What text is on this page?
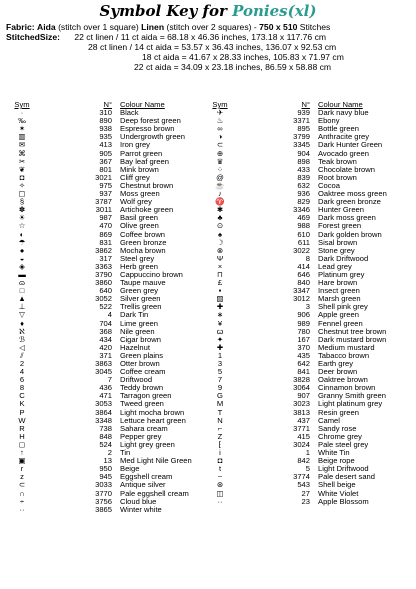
Symbol Key for Ponies(xl)
Fabric: Aida (stitch over 1 square) Linen (stitch over 2 squares) - 750 x 510 Stitches
StitchedSize: 22 ct linen / 11 ct aida = 68.18 x 46.36 inches, 173.18 x 117.76 cm
28 ct linen / 14 ct aida = 53.57 x 36.43 inches, 136.07 x 92.53 cm
18 ct aida = 41.67 x 28.33 inches, 105.83 x 71.97 cm
22 ct aida = 34.09 x 23.18 inches, 86.59 x 58.88 cm
Sym	N° Colour Name
·	310 Black
‰	890 Deep forest green
✶	938 Espresso brown
▥	935 Undergrowth green
✉	413 Iron grey
⌘	905 Parrot green
✂	367 Bay leaf green
❦	801 Mink brown
◘	3021 Cliff grey
✧	975 Chestnut brown
▢	937 Moss green
§	3787 Wolf grey
✽	3011 Artichoke green
☀	987 Basil green
☆	470 Olive green
◐	869 Coffee brown
☂	831 Green bronze
●	3862 Mocha brown
◒	317 Steel grey
◈	3363 Herb green
▬	3790 Cappuccino brown
ɷ	3860 Taupe mauve
□	640 Green grey
▲	3052 Silver green
⊥	522 Trellis green
▽	4 Dark Tin
♦	704 Lime green
ℵ	368 Nile green
ℬ	434 Cigar brown
◁	420 Hazelnut
⫽	371 Green plains
2	3863 Otter brown
4	3045 Coffee cream
6	7 Driftwood
8	436 Teddy brown
C	471 Tarragon green
K	3053 Tweed green
P	3864 Light mocha brown
W	3348 Lettuce heart green
R	738 Sahara cream
H	848 Pepper grey
◻	524 Light grey green
↑	2 Tin
▣	13 Med Light Nile Green
r	950 Beige
z	945 Eggshell cream
⊂	3033 Antique silver
∩	3770 Pale eggshell cream
÷	3756 Cloud blue
··	3865 Winter white
Sym	N° Colour Name
✈	939 Dark navy blue
♨	3371 Ebony
∞	895 Bottle green
◑	3799 Anthracite grey
⊂	3345 Dark Hunter Green
⊕	904 Avocado green
♛	898 Teak brown
⁘	433 Chocolate brown
@	839 Root brown
☕	632 Cocoa
♪	936 Oaktree moss green
♈	829 Dark green bronze
✱	3346 Hunter Green
♣	469 Dark moss green
⊙	988 Forest green
♠	610 Dark golden brown
☽	611 Sisal brown
⊗	3022 Stone grey
Ψ	8 Dark Driftwood
×	414 Lead grey
⊓	646 Platinum grey
£	840 Hare brown
▪	3347 Insect green
▨	3012 Marsh green
✚	3 Shell pink grey
∗	906 Apple green
¥	989 Fennel green
ꞷ	780 Chestnut tree brown
✦	167 Dark mustard brown
✚	370 Medium mustard
1	435 Tabacco brown
3	642 Earth grey
5	841 Deer brown
7	3828 Oaktree brown
9	3064 Cinnamon brown
G	907 Granny Smith green
M	3023 Light platinum grey
T	3813 Resin green
N	437 Camel
⌐	3771 Sandy rose
Z	415 Chrome grey
⁅	3024 Pale steel grey
i	1 White Tin
◘	842 Beige rope
t	5 Light Driftwood
~	3774 Pale desert sand
⊛	543 Shell beige
◫	27 White Violet
··	23 Apple Blossom
